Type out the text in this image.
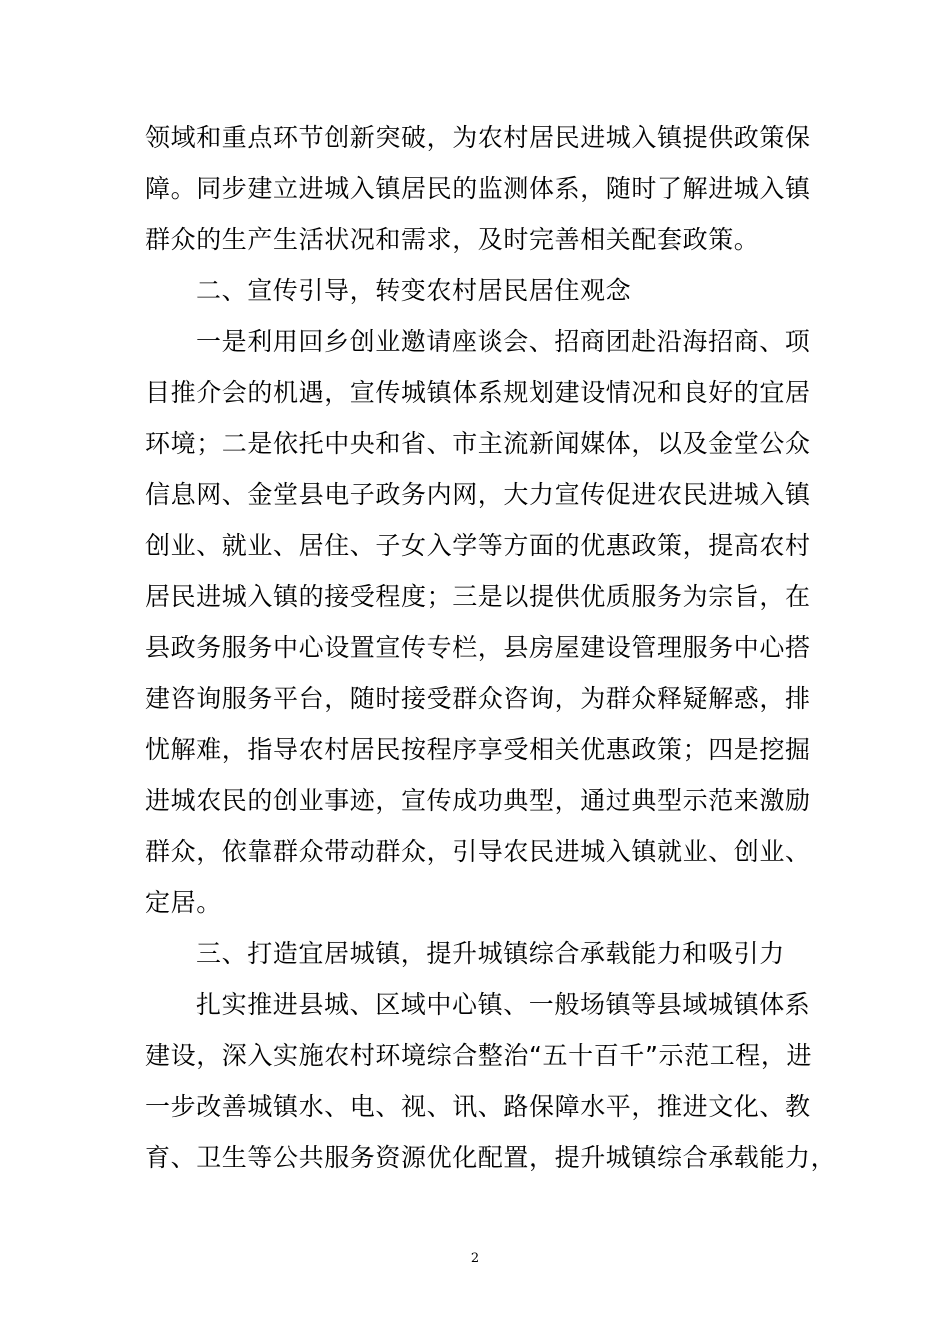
领域和重点环节创新突破，为农村居民进城入镇提供政策保
障。同步建立进城入镇居民的监测体系，随时了解进城入镇
群众的生产生活状况和需求，及时完善相关配套政策。
二、宣传引导，转变农村居民居住观念
一是利用回乡创业邀请座谈会、招商团赴沿海招商、项
目推介会的机遇，宣传城镇体系规划建设情况和良好的宜居
环境；二是依托中央和省、市主流新闻媒体，以及金堂公众
信息网、金堂县电子政务内网，大力宣传促进农民进城入镇
创业、就业、居住、子女入学等方面的优惠政策，提高农村
居民进城入镇的接受程度；三是以提供优质服务为宗旨，在
县政务服务中心设置宣传专栏，县房屋建设管理服务中心搭
建咨询服务平台，随时接受群众咨询，为群众释疑解惑，排
忧解难，指导农村居民按程序享受相关优惠政策；四是挖掘
进城农民的创业事迹，宣传成功典型，通过典型示范来激励
群众，依靠群众带动群众，引导农民进城入镇就业、创业、
定居。
三、打造宜居城镇，提升城镇综合承载能力和吸引力
扎实推进县城、区域中心镇、一般场镇等县域城镇体系
建设，深入实施农村环境综合整治“五十百千”示范工程，进
一步改善城镇水、电、视、讯、路保障水平，推进文化、教
育、卫生等公共服务资源优化配置，提升城镇综合承载能力，
2
